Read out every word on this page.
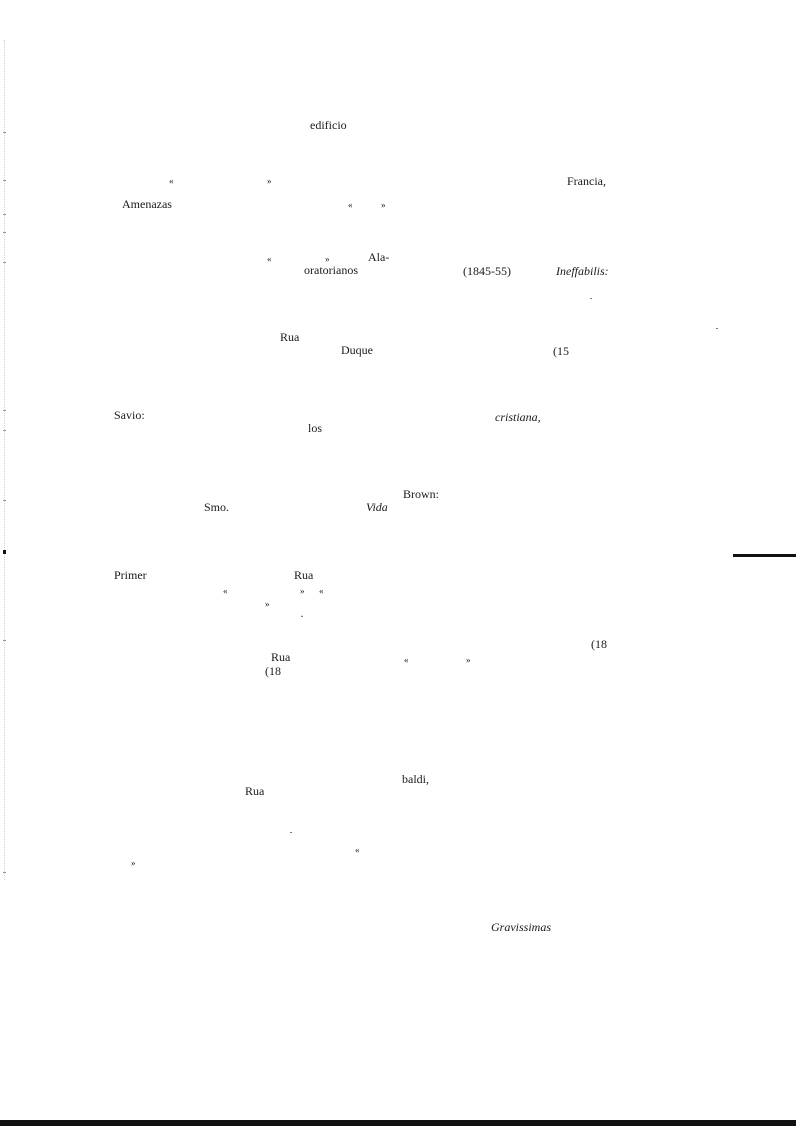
edificio
«	»	Francia,
Amenazas	«	»
«	»	Ala-
oratorianos	(1845-55)	Ineffabilis:
Rua
Duque	(15
Savio:	cristiana,
los
Brown:
Smo.	Vida
Primer	Rua
«	» «
»
·
(18
Rua	«	»
(18
baldi,
Rua
«
»
Gravissimas
